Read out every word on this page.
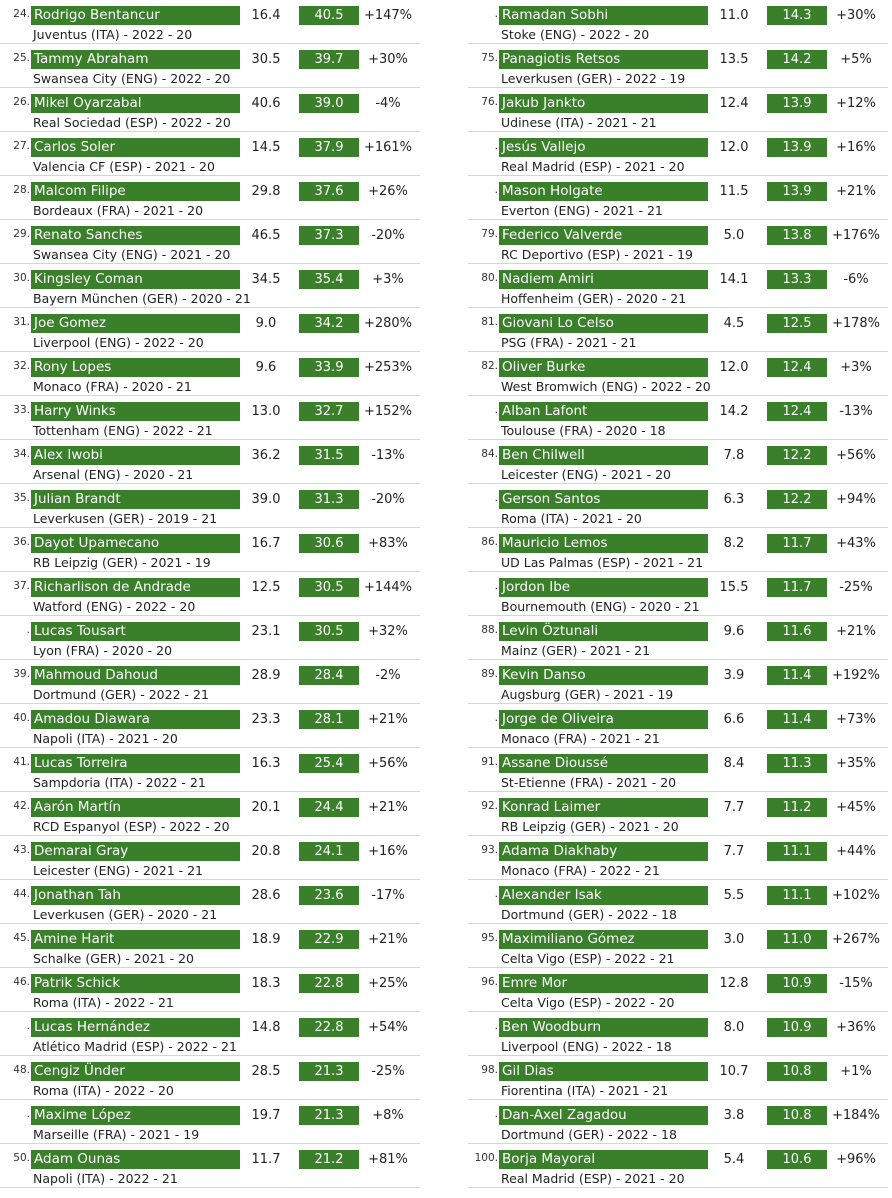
24. Rodrigo Bentancur
Juventus (ITA) - 2022 - 20
16.4	40.5	+147%
25. Tammy Abraham
Swansea City (ENG) - 2022 - 20
30.5	39.7	+30%
26. Mikel Oyarzabal
Real Sociedad (ESP) - 2022 - 20
40.6	39.0	-4%
27. Carlos Soler
Valencia CF (ESP) - 2021 - 20
14.5	37.9	+161%
28. Malcom Filipe
Bordeaux (FRA) - 2021 - 20
29.8	37.6	+26%
29. Renato Sanches
Swansea City (ENG) - 2021 - 20
46.5	37.3	-20%
30. Kingsley Coman
Bayern München (GER) - 2020 - 21
34.5	35.4	+3%
31. Joe Gomez
Liverpool (ENG) - 2022 - 20
9.0	34.2	+280%
32. Rony Lopes
Monaco (FRA) - 2020 - 21
9.6	33.9	+253%
33. Harry Winks
Tottenham (ENG) - 2022 - 21
13.0	32.7	+152%
34. Alex Iwobi
Arsenal (ENG) - 2020 - 21
36.2	31.5	-13%
35. Julian Brandt
Leverkusen (GER) - 2019 - 21
39.0	31.3	-20%
36. Dayot Upamecano
RB Leipzig (GER) - 2021 - 19
16.7	30.6	+83%
37. Richarlison de Andrade
Watford (ENG) - 2022 - 20
12.5	30.5	+144%
. Lucas Tousart
Lyon (FRA) - 2020 - 20
23.1	30.5	+32%
39. Mahmoud Dahoud
Dortmund (GER) - 2022 - 21
28.9	28.4	-2%
40. Amadou Diawara
Napoli (ITA) - 2021 - 20
23.3	28.1	+21%
41. Lucas Torreira
Sampdoria (ITA) - 2022 - 21
16.3	25.4	+56%
42. Aarón Martín
RCD Espanyol (ESP) - 2022 - 20
20.1	24.4	+21%
43. Demarai Gray
Leicester (ENG) - 2021 - 21
20.8	24.1	+16%
44. Jonathan Tah
Leverkusen (GER) - 2020 - 21
28.6	23.6	-17%
45. Amine Harit
Schalke (GER) - 2021 - 20
18.9	22.9	+21%
46. Patrik Schick
Roma (ITA) - 2022 - 21
18.3	22.8	+25%
. Lucas Hernández
Atlético Madrid (ESP) - 2022 - 21
14.8	22.8	+54%
48. Cengiz Ünder
Roma (ITA) - 2022 - 20
28.5	21.3	-25%
. Maxime López
Marseille (FRA) - 2021 - 19
19.7	21.3	+8%
50. Adam Ounas
Napoli (ITA) - 2022 - 21
11.7	21.2	+81%
. Ramadan Sobhi
Stoke (ENG) - 2022 - 20
11.0	14.3	+30%
75. Panagiotis Retsos
Leverkusen (GER) - 2022 - 19
13.5	14.2	+5%
76. Jakub Jankto
Udinese (ITA) - 2021 - 21
12.4	13.9	+12%
. Jesús Vallejo
Real Madrid (ESP) - 2021 - 20
12.0	13.9	+16%
. Mason Holgate
Everton (ENG) - 2021 - 21
11.5	13.9	+21%
79. Federico Valverde
RC Deportivo (ESP) - 2021 - 19
5.0	13.8	+176%
80. Nadiem Amiri
Hoffenheim (GER) - 2020 - 21
14.1	13.3	-6%
81. Giovani Lo Celso
PSG (FRA) - 2021 - 21
4.5	12.5	+178%
82. Oliver Burke
West Bromwich (ENG) - 2022 - 20
12.0	12.4	+3%
. Alban Lafont
Toulouse (FRA) - 2020 - 18
14.2	12.4	-13%
84. Ben Chilwell
Leicester (ENG) - 2021 - 20
7.8	12.2	+56%
. Gerson Santos
Roma (ITA) - 2021 - 20
6.3	12.2	+94%
86. Mauricio Lemos
UD Las Palmas (ESP) - 2021 - 21
8.2	11.7	+43%
. Jordon Ibe
Bournemouth (ENG) - 2020 - 21
15.5	11.7	-25%
88. Levin Öztunali
Mainz (GER) - 2021 - 21
9.6	11.6	+21%
89. Kevin Danso
Augsburg (GER) - 2021 - 19
3.9	11.4	+192%
. Jorge de Oliveira
Monaco (FRA) - 2021 - 21
6.6	11.4	+73%
91. Assane Dioussé
St-Etienne (FRA) - 2021 - 20
8.4	11.3	+35%
92. Konrad Laimer
RB Leipzig (GER) - 2021 - 20
7.7	11.2	+45%
93. Adama Diakhaby
Monaco (FRA) - 2022 - 21
7.7	11.1	+44%
. Alexander Isak
Dortmund (GER) - 2022 - 18
5.5	11.1	+102%
95. Maximiliano Gómez
Celta Vigo (ESP) - 2022 - 21
3.0	11.0	+267%
96. Emre Mor
Celta Vigo (ESP) - 2022 - 20
12.8	10.9	-15%
. Ben Woodburn
Liverpool (ENG) - 2022 - 18
8.0	10.9	+36%
98. Gil Dias
Fiorentina (ITA) - 2021 - 21
10.7	10.8	+1%
. Dan-Axel Zagadou
Dortmund (GER) - 2022 - 18
3.8	10.8	+184%
100. Borja Mayoral
Real Madrid (ESP) - 2021 - 20
5.4	10.6	+96%
